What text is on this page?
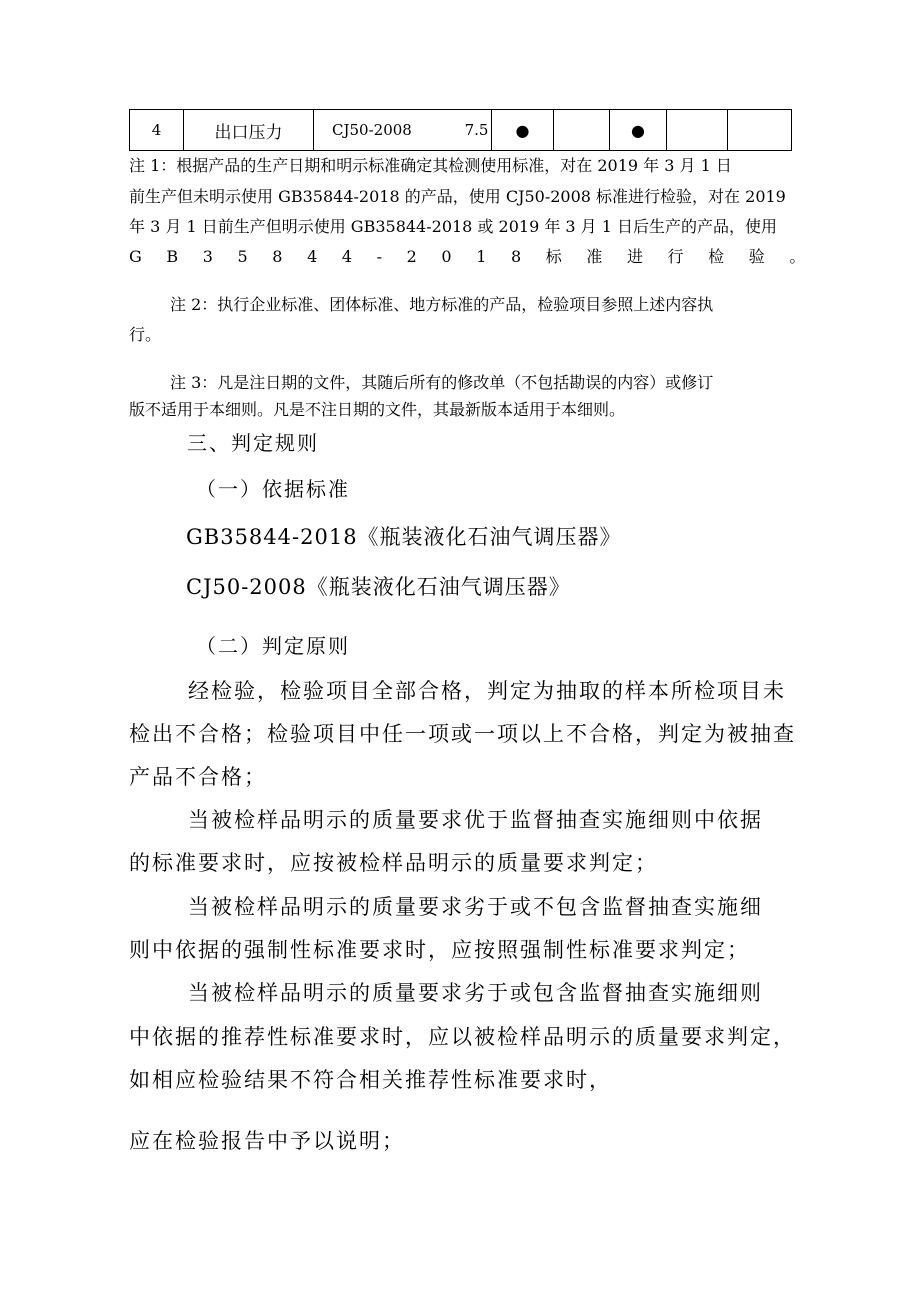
4	出口压力	CJ50-2008	7.5	●		●		
注 1：根据产品的生产日期和明示标准确定其检测使用标准，对在 2019 年 3 月 1 日
前生产但未明示使用 GB35844-2018 的产品，使用 CJ50-2008 标准进行检验，对在 2019
年 3 月 1 日前生产但明示使用 GB35844-2018 或 2019 年 3 月 1 日后生产的产品，使用
GB35844-2018标准进行检验。
注 2：执行企业标准、团体标准、地方标准的产品，检验项目参照上述内容执
行。
注 3：凡是注日期的文件，其随后所有的修改单（不包括勘误的内容）或修订
版不适用于本细则。凡是不注日期的文件，其最新版本适用于本细则。
三、判定规则
（一）依据标准
GB35844-2018《瓶装液化石油气调压器》
CJ50-2008《瓶装液化石油气调压器》
（二）判定原则
经检验，检验项目全部合格，判定为抽取的样本所检项目未
检出不合格；检验项目中任一项或一项以上不合格，判定为被抽查
产品不合格；
当被检样品明示的质量要求优于监督抽查实施细则中依据
的标准要求时，应按被检样品明示的质量要求判定；
当被检样品明示的质量要求劣于或不包含监督抽查实施细
则中依据的强制性标准要求时，应按照强制性标准要求判定；
当被检样品明示的质量要求劣于或包含监督抽查实施细则
中依据的推荐性标准要求时，应以被检样品明示的质量要求判定，
如相应检验结果不符合相关推荐性标准要求时，
应在检验报告中予以说明；
